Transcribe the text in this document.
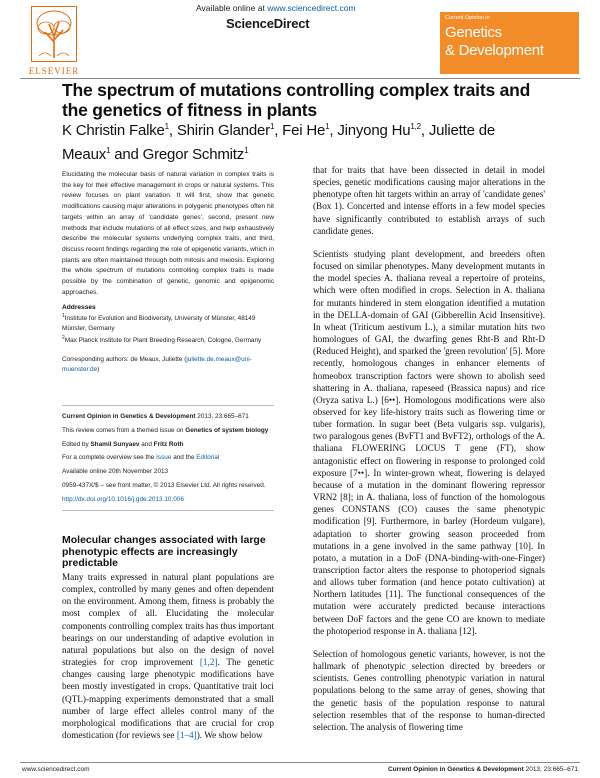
ELSEVIER
Available online at www.sciencedirect.com
ScienceDirect	Current Opinion in
Genetics
& Development
The spectrum of mutations controlling complex traits and the genetics of fitness in plants
K Christin Falke$^1$, Shirin Glander$^1$, Fei He$^1$, Jinyong Hu$^{1,2}$, Juliette de Meaux$^1$ and Gregor Schmitz$^1$

Elucidating the molecular basis of natural variation in complex traits is the key for their effective management in crops or natural systems. This review focuses on plant variation. It will first, show that genetic modifications causing major alterations in polygenic phenotypes often hit targets within an array of 'candidate genes', second, present new methods that include mutations of all effect sizes, and help exhaustively describe the molecular systems underlying complex traits, and third, discuss recent findings regarding the role of epigenetic variants, which in plants are often maintained through both mitosis and meiosis. Exploring the whole spectrum of mutations controlling complex traits is made possible by the combination of genetic, genomic and epigenomic approaches.

Addresses
$^1$Institute for Evolution and Biodiversity, University of Münster, 48149 Münster, Germany
$^2$Max Planck Institute for Plant Breeding Research, Cologne, Germany
Corresponding authors: de Meaux, Juliette (juliette.de.meaux@uni-muenster.de)
Current Opinion in Genetics & Development 2013, 23:665–671
This review comes from a themed issue on Genetics of system biology
Edited by Shamil Sunyaev and Fritz Roth
For a complete overview see the Issue and the Editorial
Available online 20th November 2013
0959-437X/$ – see front matter, © 2013 Elsevier Ltd. All rights reserved.
http://dx.doi.org/10.1016/j.gde.2013.10.006
Molecular changes associated with large phenotypic effects are increasingly predictable

Many traits expressed in natural plant populations are complex, controlled by many genes and often dependent on the environment. Among them, fitness is probably the most complex of all. Elucidating the molecular components controlling complex traits has thus important bearings on our understanding of adaptive evolution in natural populations but also on the design of novel strategies for crop improvement [1,2]. The genetic changes causing large phenotypic modifications have been mostly investigated in crops. Quantitative trait loci (QTL)-mapping experiments demonstrated that a small number of large effect alleles control many of the morphological modifications that are crucial for crop domestication (for reviews see [1–4]). We show below

that for traits that have been dissected in detail in model species, genetic modifications causing major alterations in the phenotype often hit targets within an array of 'candidate genes' (Box 1). Concerted and intense efforts in a few model species have significantly contributed to establish arrays of such candidate genes.

Scientists studying plant development, and breeders often focused on similar phenotypes. Many development mutants in the model species A. thaliana reveal a repertoire of proteins, which were often modified in crops. Selection in A. thaliana for mutants hindered in stem elongation identified a mutation in the DELLA-domain of GAI (Gibberellin Acid Insensitive). In wheat (Triticum aestivum L.), a similar mutation hits two homologues of GAI, the dwarfing genes Rht-B and Rht-D (Reduced Height), and sparked the 'green revolution' [5]. More recently, homologous changes in enhancer elements of homeobox transcription factors were shown to abolish seed shattering in A. thaliana, rapeseed (Brassica napus) and rice (Oryza sativa L.) [6••]. Homologous modifications were also observed for key life-history traits such as flowering time or tuber formation. In sugar beet (Beta vulgaris ssp. vulgaris), two paralogous genes (BvFT1 and BvFT2), orthologs of the A. thaliana FLOWERING LOCUS T gene (FT), show antagonistic effect on flowering in response to prolonged cold exposure [7••]. In winter-grown wheat, flowering is delayed because of a mutation in the dominant flowering repressor VRN2 [8]; in A. thaliana, loss of function of the homologous genes CONSTANS (CO) causes the same phenotypic modification [9]. Furthermore, in barley (Hordeum vulgare), adaptation to shorter growing season proceeded from mutations in a gene involved in the same pathway [10]. In potato, a mutation in a DoF (DNA-binding-with-one-Finger) transcription factor alters the response to photoperiod signals and allows tuber formation (and hence potato cultivation) at Northern latitudes [11]. The functional consequences of the mutation were accurately predicted because interactions between DoF factors and the gene CO are known to mediate the photoperiod response in A. thaliana [12].

Selection of homologous genetic variants, however, is not the hallmark of phenotypic selection directed by breeders or scientists. Genes controlling phenotypic variation in natural populations belong to the same array of genes, showing that the genetic basis of the population response to natural selection resembles that of the response to human-directed selection. The analysis of flowering time

www.sciencedirect.com	Current Opinion in Genetics & Development 2013, 23:665–671
